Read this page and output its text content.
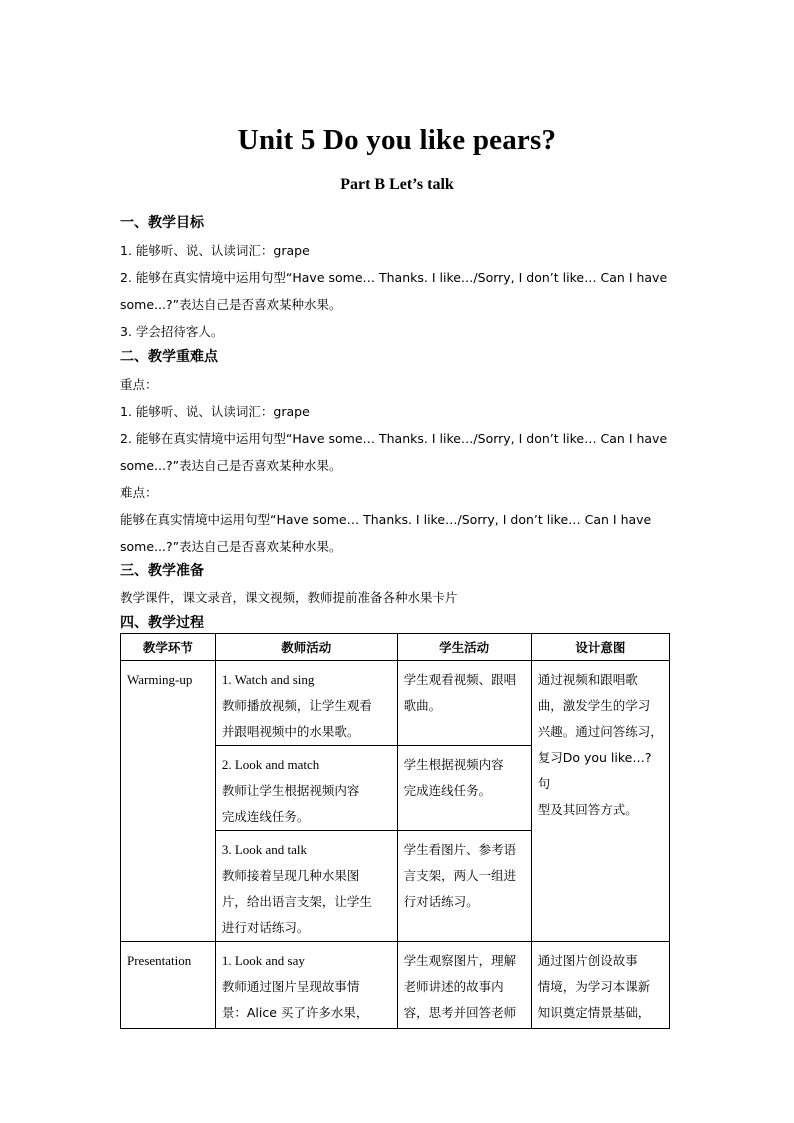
Unit 5 Do you like pears?
Part B Let’s talk
一、教学目标
1. 能够听、说、认读词汇：grape
2. 能够在真实情境中运用句型“Have some… Thanks. I like…/Sorry, I don’t like… Can I have
some...?”表达自己是否喜欢某种水果。
3. 学会招待客人。
二、教学重难点
重点：
1. 能够听、说、认读词汇：grape
2. 能够在真实情境中运用句型“Have some… Thanks. I like…/Sorry, I don’t like… Can I have
some...?”表达自己是否喜欢某种水果。
难点：
能够在真实情境中运用句型“Have some… Thanks. I like…/Sorry, I don’t like… Can I have
some...?”表达自己是否喜欢某种水果。
三、教学准备
教学课件，课文录音，课文视频，教师提前准备各种水果卡片
四、教学过程
教学环节	教师活动	学生活动	设计意图
Warming-up	1. Watch and sing
教师播放视频，让学生观看
并跟唱视频中的水果歌。	学生观看视频、跟唱
歌曲。	通过视频和跟唱歌
曲，激发学生的学习
兴趣。通过问答练习，
复习Do you like…?句
型及其回答方式。

	2. Look and match
教师让学生根据视频内容
完成连线任务。	学生根据视频内容
完成连线任务。	

	3. Look and talk
教师接着呈现几种水果图
片，给出语言支架，让学生
进行对话练习。	学生看图片、参考语
言支架，两人一组进
行对话练习。	

Presentation	1. Look and say
教师通过图片呈现故事情
景：Alice 买了许多水果，	学生观察图片，理解
老师讲述的故事内
容，思考并回答老师	通过图片创设故事
情境，为学习本课新
知识奠定情景基础，
